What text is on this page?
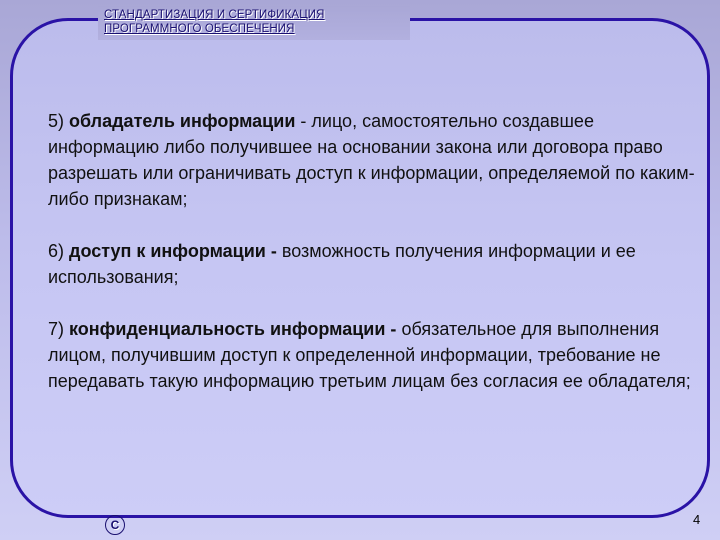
СТАНДАРТИЗАЦИЯ И СЕРТИФИКАЦИЯ
ПРОГРАММНОГО ОБЕСПЕЧЕНИЯ

5) обладатель информации - лицо, самостоятельно создавшее информацию либо получившее на основании закона или договора право разрешать или ограничивать доступ к информации, определяемой по каким-либо признакам;

6) доступ к информации - возможность получения информации и ее использования;

7) конфиденциальность информации - обязательное для выполнения лицом, получившим доступ к определенной информации, требование не передавать такую информацию третьим лицам без согласия ее обладателя;

С	4
